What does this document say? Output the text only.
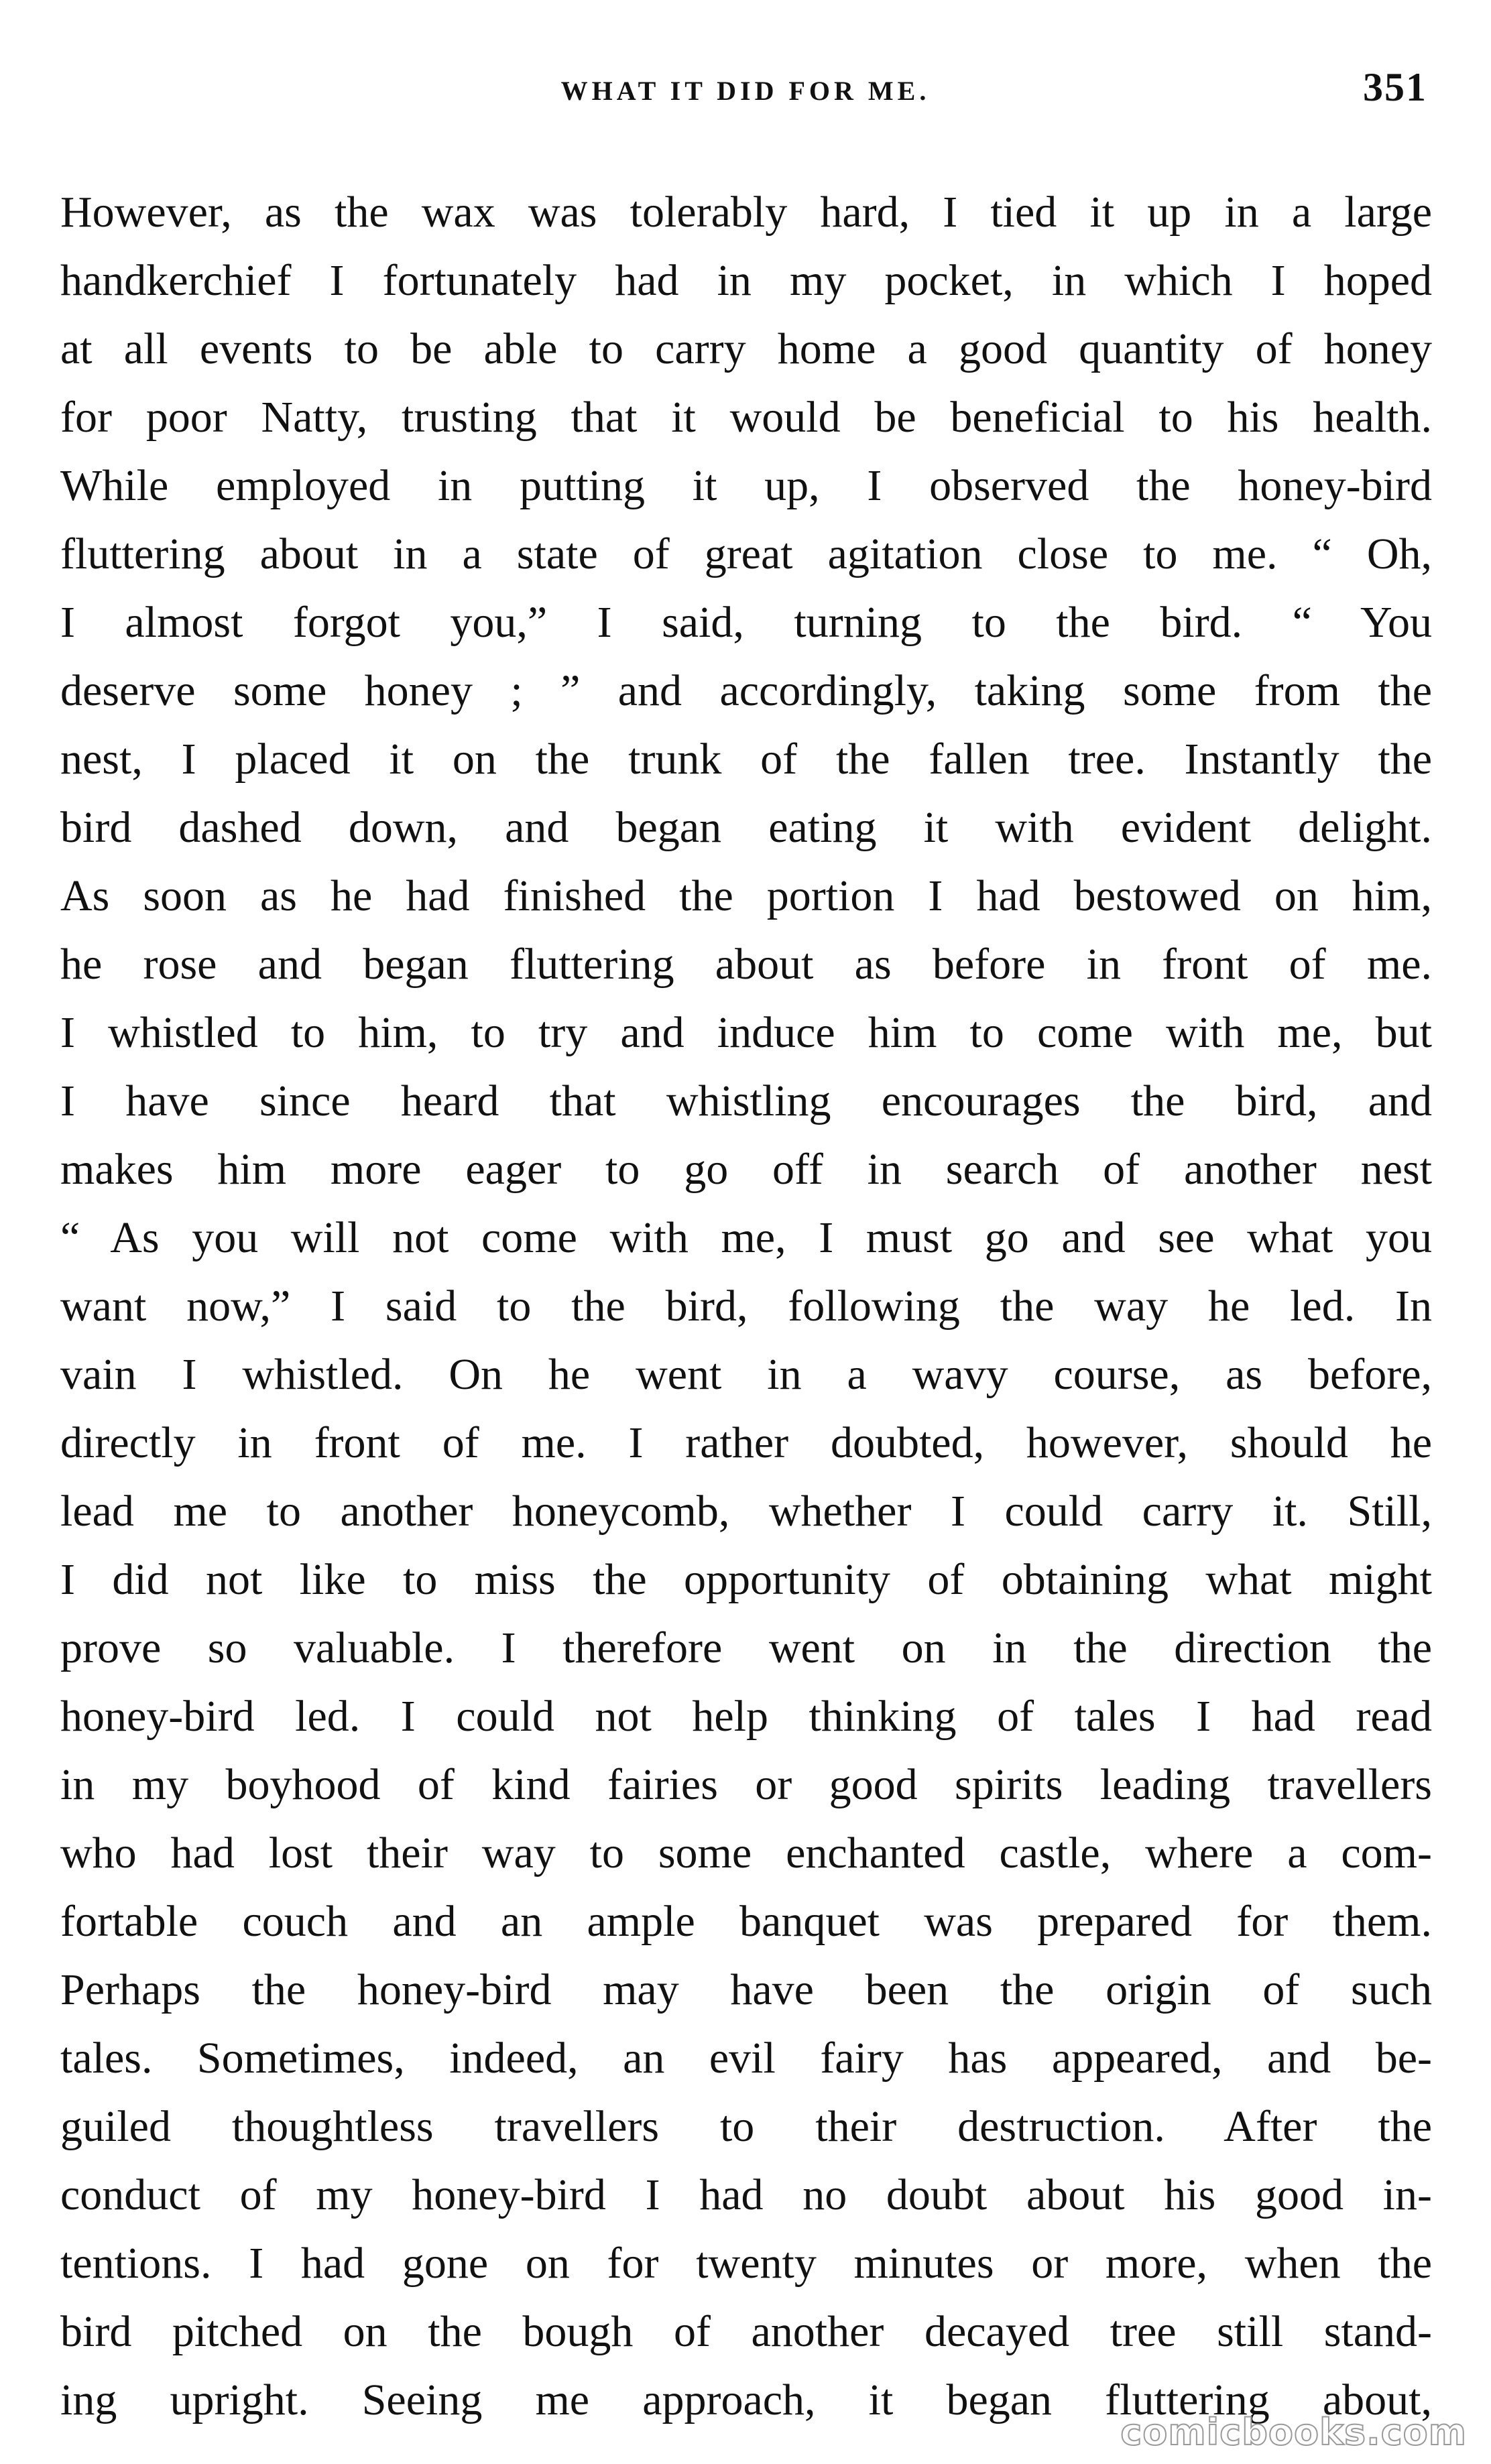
WHAT IT DID FOR ME.	351
However, as the wax was tolerably hard, I tied it up in a large
handkerchief I fortunately had in my pocket, in which I hoped
at all events to be able to carry home a good quantity of honey
for poor Natty, trusting that it would be beneficial to his health.
While employed in putting it up, I observed the honey-bird
fluttering about in a state of great agitation close to me. “ Oh,
I almost forgot you,” I said, turning to the bird. “ You
deserve some honey ; ” and accordingly, taking some from the
nest, I placed it on the trunk of the fallen tree. Instantly the
bird dashed down, and began eating it with evident delight.
As soon as he had finished the portion I had bestowed on him,
he rose and began fluttering about as before in front of me.
I whistled to him, to try and induce him to come with me, but
I have since heard that whistling encourages the bird, and
makes him more eager to go off in search of another nest
“ As you will not come with me, I must go and see what you
want now,” I said to the bird, following the way he led. In
vain I whistled. On he went in a wavy course, as before,
directly in front of me. I rather doubted, however, should he
lead me to another honeycomb, whether I could carry it. Still,
I did not like to miss the opportunity of obtaining what might
prove so valuable. I therefore went on in the direction the
honey-bird led. I could not help thinking of tales I had read
in my boyhood of kind fairies or good spirits leading travellers
who had lost their way to some enchanted castle, where a com-
fortable couch and an ample banquet was prepared for them.
Perhaps the honey-bird may have been the origin of such
tales. Sometimes, indeed, an evil fairy has appeared, and be-
guiled thoughtless travellers to their destruction. After the
conduct of my honey-bird I had no doubt about his good in-
tentions. I had gone on for twenty minutes or more, when the
bird pitched on the bough of another decayed tree still stand-
ing upright. Seeing me approach, it began fluttering about,
comicbooks.com
